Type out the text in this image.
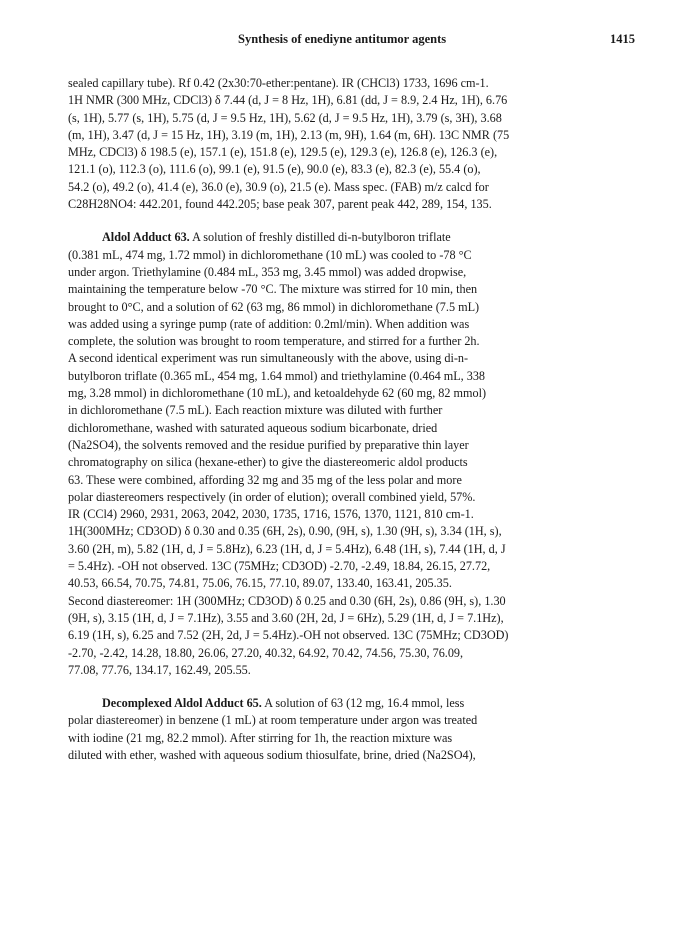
Synthesis of enediyne antitumor agents	1415

sealed capillary tube). Rf 0.42 (2x30:70-ether:pentane). IR (CHCl3) 1733, 1696 cm-1.

1H NMR (300 MHz, CDCl3) δ 7.44 (d, J = 8 Hz, 1H), 6.81 (dd, J = 8.9, 2.4 Hz, 1H), 6.76

(s, 1H), 5.77 (s, 1H), 5.75 (d, J = 9.5 Hz, 1H), 5.62 (d, J = 9.5 Hz, 1H), 3.79 (s, 3H), 3.68

(m, 1H), 3.47 (d, J = 15 Hz, 1H), 3.19 (m, 1H), 2.13 (m, 9H), 1.64 (m, 6H). 13C NMR (75

MHz, CDCl3) δ 198.5 (e), 157.1 (e), 151.8 (e), 129.5 (e), 129.3 (e), 126.8 (e), 126.3 (e),

121.1 (o), 112.3 (o), 111.6 (o), 99.1 (e), 91.5 (e), 90.0 (e), 83.3 (e), 82.3 (e), 55.4 (o),

54.2 (o), 49.2 (o), 41.4 (e), 36.0 (e), 30.9 (o), 21.5 (e). Mass spec. (FAB) m/z calcd for

C28H28NO4: 442.201, found 442.205; base peak 307, parent peak 442, 289, 154, 135.

Aldol Adduct 63. A solution of freshly distilled di-n-butylboron triflate

(0.381 mL, 474 mg, 1.72 mmol) in dichloromethane (10 mL) was cooled to -78 °C

under argon. Triethylamine (0.484 mL, 353 mg, 3.45 mmol) was added dropwise,

maintaining the temperature below -70 °C. The mixture was stirred for 10 min, then

brought to 0°C, and a solution of 62 (63 mg, 86 mmol) in dichloromethane (7.5 mL)

was added using a syringe pump (rate of addition: 0.2ml/min). When addition was

complete, the solution was brought to room temperature, and stirred for a further 2h.

A second identical experiment was run simultaneously with the above, using di-n-

butylboron triflate (0.365 mL, 454 mg, 1.64 mmol) and triethylamine (0.464 mL, 338

mg, 3.28 mmol) in dichloromethane (10 mL), and ketoaldehyde 62 (60 mg, 82 mmol)

in dichloromethane (7.5 mL). Each reaction mixture was diluted with further

dichloromethane, washed with saturated aqueous sodium bicarbonate, dried

(Na2SO4), the solvents removed and the residue purified by preparative thin layer

chromatography on silica (hexane-ether) to give the diastereomeric aldol products

63. These were combined, affording 32 mg and 35 mg of the less polar and more

polar diastereomers respectively (in order of elution); overall combined yield, 57%.

IR (CCl4) 2960, 2931, 2063, 2042, 2030, 1735, 1716, 1576, 1370, 1121, 810 cm-1.

1H(300MHz; CD3OD) δ 0.30 and 0.35 (6H, 2s), 0.90, (9H, s), 1.30 (9H, s), 3.34 (1H, s),

3.60 (2H, m), 5.82 (1H, d, J = 5.8Hz), 6.23 (1H, d, J = 5.4Hz), 6.48 (1H, s), 7.44 (1H, d, J

= 5.4Hz). -OH not observed. 13C (75MHz; CD3OD) -2.70, -2.49, 18.84, 26.15, 27.72,

40.53, 66.54, 70.75, 74.81, 75.06, 76.15, 77.10, 89.07, 133.40, 163.41, 205.35.

Second diastereomer: 1H (300MHz; CD3OD) δ 0.25 and 0.30 (6H, 2s), 0.86 (9H, s), 1.30

(9H, s), 3.15 (1H, d, J = 7.1Hz), 3.55 and 3.60 (2H, 2d, J = 6Hz), 5.29 (1H, d, J = 7.1Hz),

6.19 (1H, s), 6.25 and 7.52 (2H, 2d, J = 5.4Hz).-OH not observed. 13C (75MHz; CD3OD)

-2.70, -2.42, 14.28, 18.80, 26.06, 27.20, 40.32, 64.92, 70.42, 74.56, 75.30, 76.09,

77.08, 77.76, 134.17, 162.49, 205.55.

Decomplexed Aldol Adduct 65. A solution of 63 (12 mg, 16.4 mmol, less

polar diastereomer) in benzene (1 mL) at room temperature under argon was treated

with iodine (21 mg, 82.2 mmol). After stirring for 1h, the reaction mixture was

diluted with ether, washed with aqueous sodium thiosulfate, brine, dried (Na2SO4),
